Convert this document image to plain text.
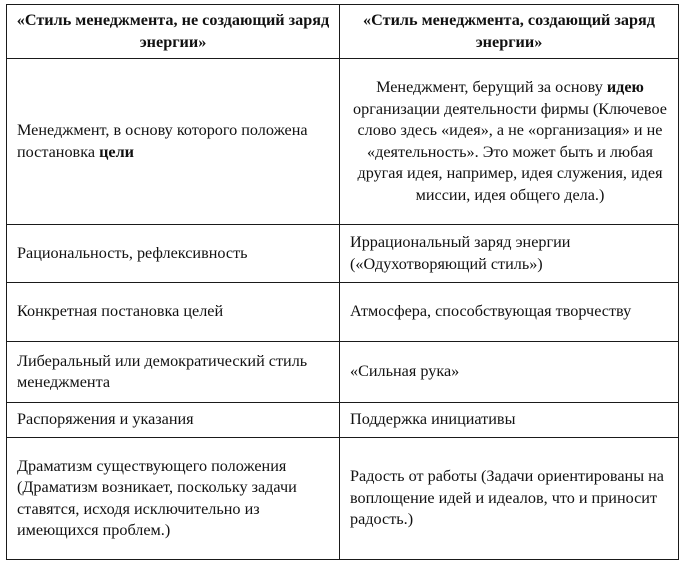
«Стиль менеджмента, не создающий заряд энергии»	«Стиль менеджмента, создающий заряд энергии»
Менеджмент, в основу которого положена постановка цели	Менеджмент, берущий за основу идею организации деятельности фирмы (Ключевое слово здесь «идея», а не «организация» и не «деятельность». Это может быть и любая другая идея, например, идея служения, идея миссии, идея общего дела.)
Рациональность, рефлексивность	Иррациональный заряд энергии («Одухотворяющий стиль»)
Конкретная постановка целей	Атмосфера, способствующая творчеству
Либеральный или демократический стиль менеджмента	«Сильная рука»
Распоряжения и указания	Поддержка инициативы
Драматизм существующего положения (Драматизм возникает, поскольку задачи ставятся, исходя исключительно из имеющихся проблем.)	Радость от работы (Задачи ориентированы на воплощение идей и идеалов, что и приносит радость.)
